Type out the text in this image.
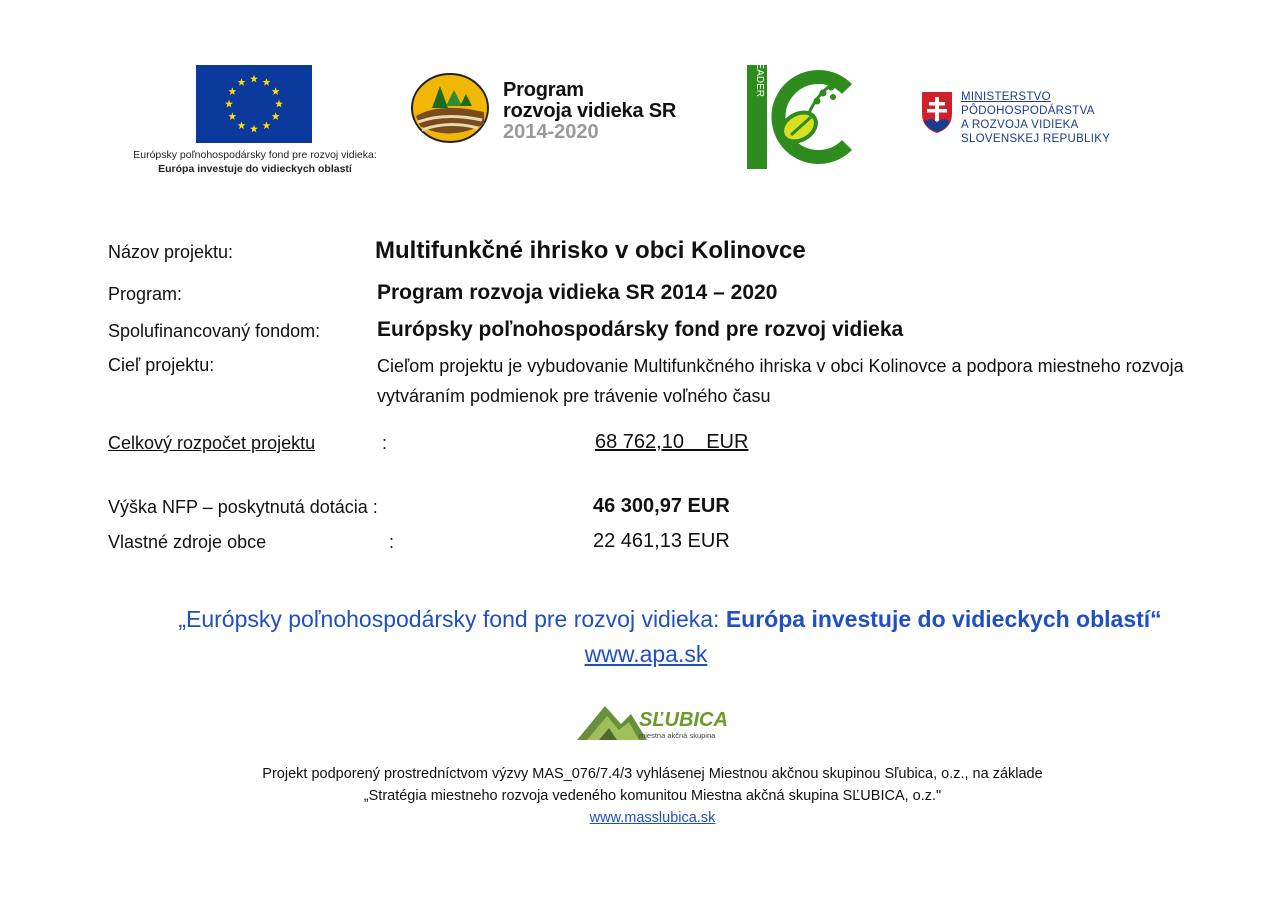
Európsky poľnohospodársky fond pre rozvoj vidieka:
Európa investuje do vidieckych oblastí
Program
rozvoja vidieka SR
2014-2020
LEADER	MINISTERSTVO
PÔDOHOSPODÁRSTVA
A ROZVOJA VIDIEKA
SLOVENSKEJ REPUBLIKY
Názov projektu:	Multifunkčné ihrisko v obci Kolinovce
Program:	Program rozvoja vidieka SR 2014 – 2020
Spolufinancovaný fondom:	Európsky poľnohospodársky fond pre rozvoj vidieka
Cieľ projektu:	Cieľom projektu je vybudovanie Multifunkčného ihriska v obci Kolinovce a podpora miestneho rozvoja vytváraním podmienok pre trávenie voľného času
Celkový rozpočet projektu	:	68 762,10    EUR
Výška NFP – poskytnutá dotácia :	46 300,97 EUR
Vlastné zdroje obce	:	22 461,13 EUR
„Európsky poľnohospodársky fond pre rozvoj vidieka: Európa investuje do vidieckych oblastí“
www.apa.sk
SĽUBICA
miestna akčná skupina
Projekt podporený prostredníctvom výzvy MAS_076/7.4/3 vyhlásenej Miestnou akčnou skupinou Sľubica, o.z., na základe
„Stratégia miestneho rozvoja vedeného komunitou Miestna akčná skupina SĽUBICA, o.z."
www.masslubica.sk
